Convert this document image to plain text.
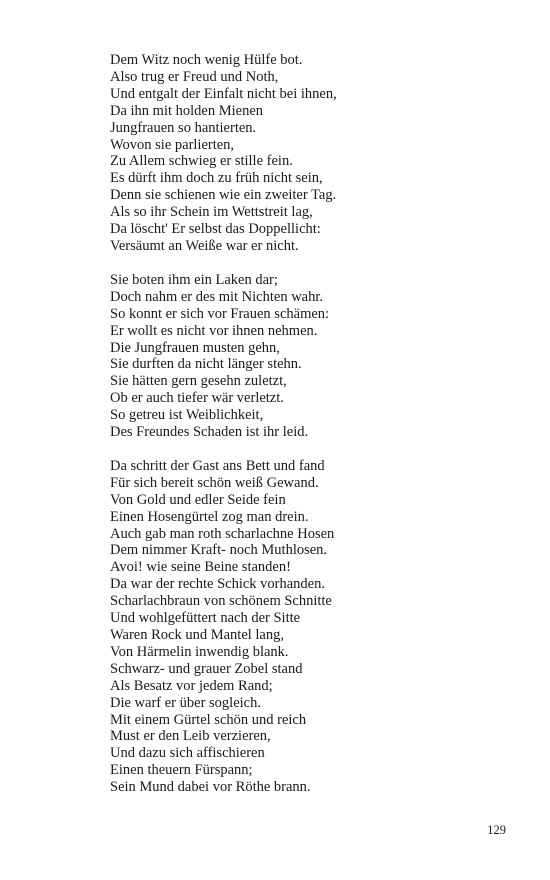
Dem Witz noch wenig Hülfe bot.
Also trug er Freud und Noth,
Und entgalt der Einfalt nicht bei ihnen,
Da ihn mit holden Mienen
Jungfrauen so hantierten.
Wovon sie parlierten,
Zu Allem schwieg er stille fein.
Es dürft ihm doch zu früh nicht sein,
Denn sie schienen wie ein zweiter Tag.
Als so ihr Schein im Wettstreit lag,
Da löscht' Er selbst das Doppellicht:
Versäumt an Weiße war er nicht.
Sie boten ihm ein Laken dar;
Doch nahm er des mit Nichten wahr.
So konnt er sich vor Frauen schämen:
Er wollt es nicht vor ihnen nehmen.
Die Jungfrauen musten gehn,
Sie durften da nicht länger stehn.
Sie hätten gern gesehn zuletzt,
Ob er auch tiefer wär verletzt.
So getreu ist Weiblichkeit,
Des Freundes Schaden ist ihr leid.
Da schritt der Gast ans Bett und fand
Für sich bereit schön weiß Gewand.
Von Gold und edler Seide fein
Einen Hosengürtel zog man drein.
Auch gab man roth scharlachne Hosen
Dem nimmer Kraft- noch Muthlosen.
Avoi! wie seine Beine standen!
Da war der rechte Schick vorhanden.
Scharlachbraun von schönem Schnitte
Und wohlgefüttert nach der Sitte
Waren Rock und Mantel lang,
Von Härmelin inwendig blank.
Schwarz- und grauer Zobel stand
Als Besatz vor jedem Rand;
Die warf er über sogleich.
Mit einem Gürtel schön und reich
Must er den Leib verzieren,
Und dazu sich affischieren
Einen theuern Fürspann;
Sein Mund dabei vor Röthe brann.
129
